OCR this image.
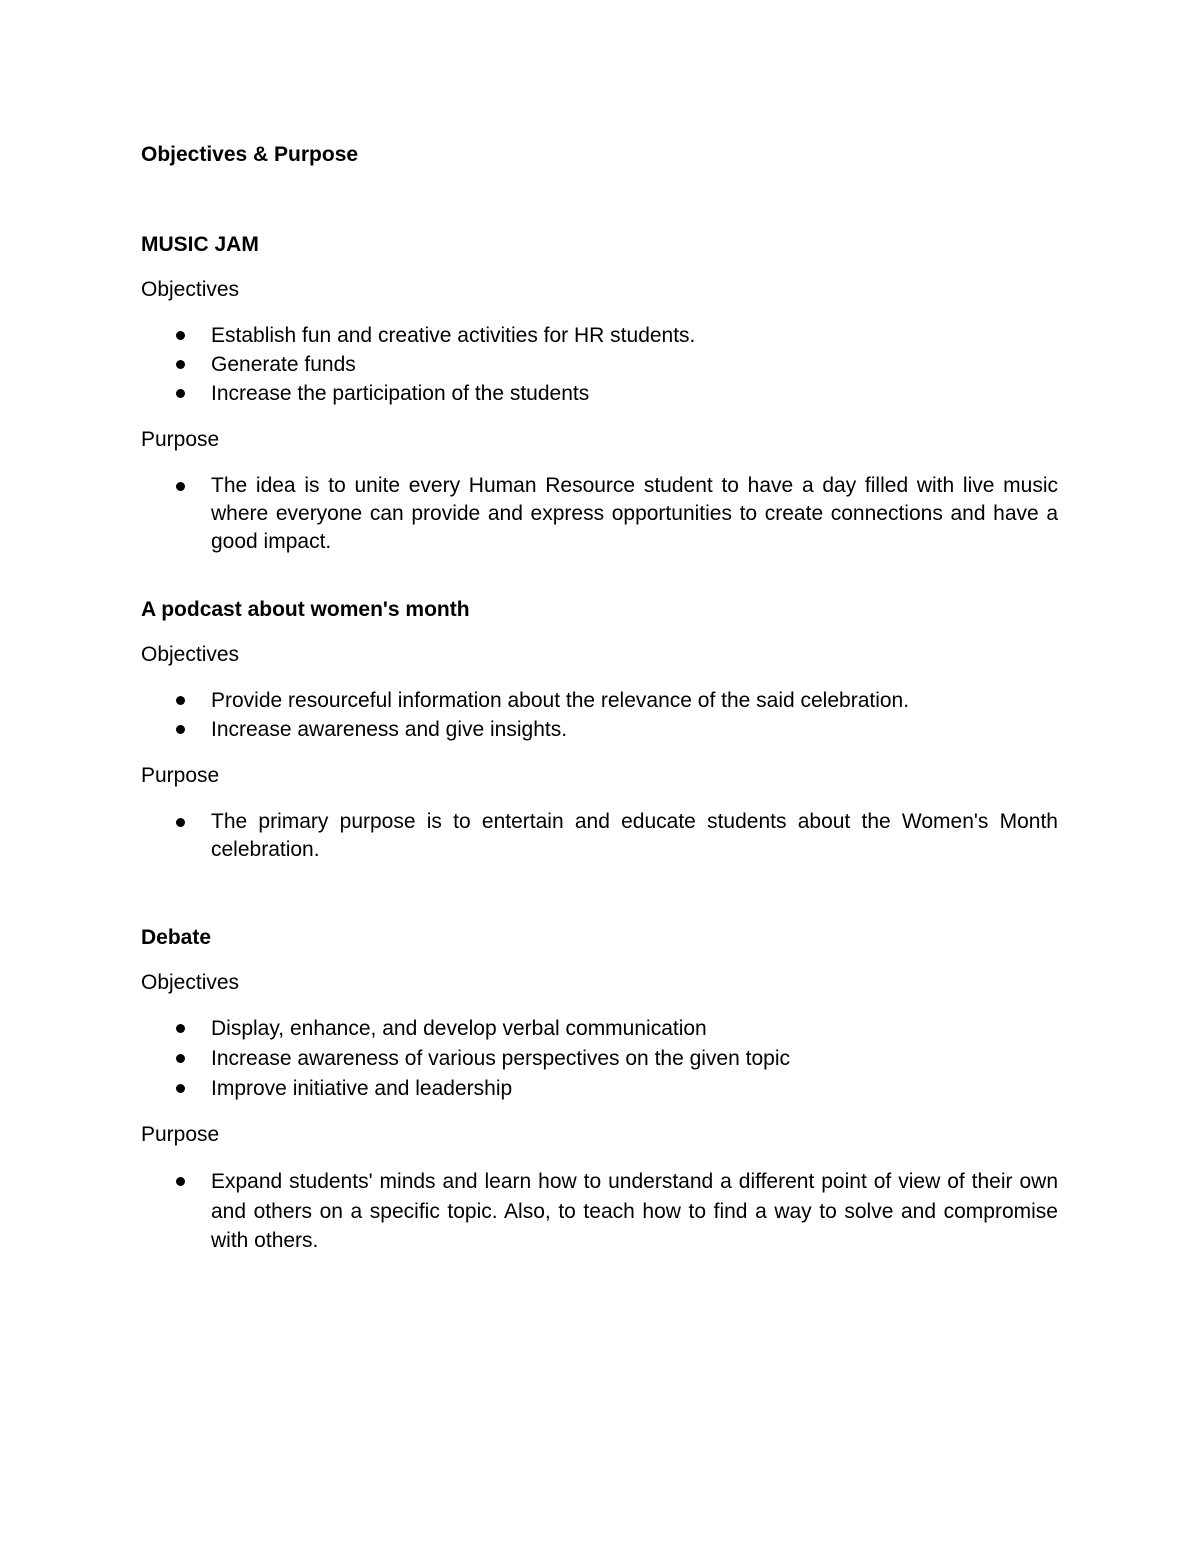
Objectives & Purpose
MUSIC JAM

Objectives

Establish fun and creative activities for HR students.
Generate funds
Increase the participation of the students

Purpose

The idea is to unite every Human Resource student to have a day filled with live music where everyone can provide and express opportunities to create connections and have a good impact.
A podcast about women's month

Objectives

Provide resourceful information about the relevance of the said celebration.
Increase awareness and give insights.

Purpose

The primary purpose is to entertain and educate students about the Women's Month celebration.
Debate

Objectives

Display, enhance, and develop verbal communication
Increase awareness of various perspectives on the given topic
Improve initiative and leadership

Purpose

Expand students' minds and learn how to understand a different point of view of their own and others on a specific topic. Also, to teach how to find a way to solve and compromise with others.
